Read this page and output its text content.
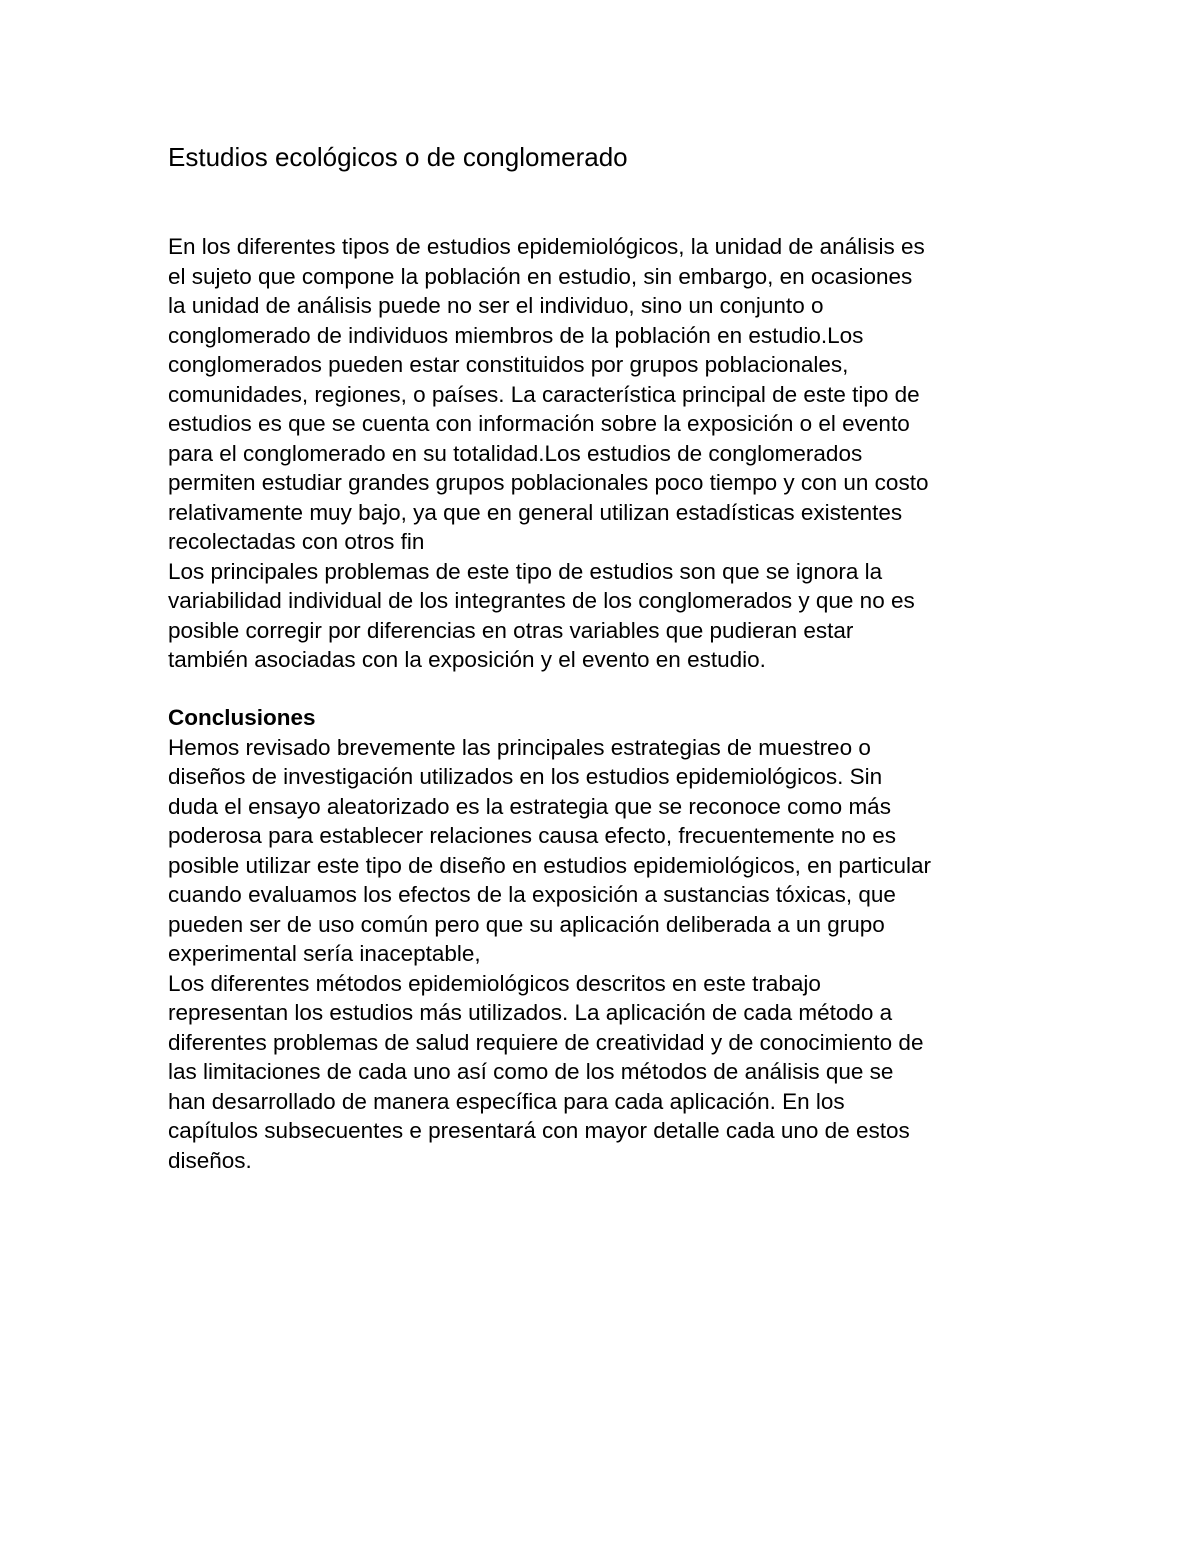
Estudios ecológicos o de conglomerado
En los diferentes tipos de estudios epidemiológicos, la unidad de análisis es
el sujeto que compone la población en estudio, sin embargo, en ocasiones
la unidad de análisis puede no ser el individuo, sino un conjunto o
conglomerado de individuos miembros de la población en estudio.Los
conglomerados pueden estar constituidos por grupos poblacionales,
comunidades, regiones, o países. La característica principal de este tipo de
estudios es que se cuenta con información sobre la exposición o el evento
para el conglomerado en su totalidad.Los estudios de conglomerados
permiten estudiar grandes grupos poblacionales poco tiempo y con un costo
relativamente muy bajo, ya que en general utilizan estadísticas existentes
recolectadas con otros fin
Los principales problemas de este tipo de estudios son que se ignora la
variabilidad individual de los integrantes de los conglomerados y que no es
posible corregir por diferencias en otras variables que pudieran estar
también asociadas con la exposición y el evento en estudio.
Conclusiones
Hemos revisado brevemente las principales estrategias de muestreo o
diseños de investigación utilizados en los estudios epidemiológicos. Sin
duda el ensayo aleatorizado es la estrategia que se reconoce como más
poderosa para establecer relaciones causa efecto, frecuentemente no es
posible utilizar este tipo de diseño en estudios epidemiológicos, en particular
cuando evaluamos los efectos de la exposición a sustancias tóxicas, que
pueden ser de uso común pero que su aplicación deliberada a un grupo
experimental sería inaceptable,
Los diferentes métodos epidemiológicos descritos en este trabajo
representan los estudios más utilizados. La aplicación de cada método a
diferentes problemas de salud requiere de creatividad y de conocimiento de
las limitaciones de cada uno así como de los métodos de análisis que se
han desarrollado de manera específica para cada aplicación. En los
capítulos subsecuentes e presentará con mayor detalle cada uno de estos
diseños.
